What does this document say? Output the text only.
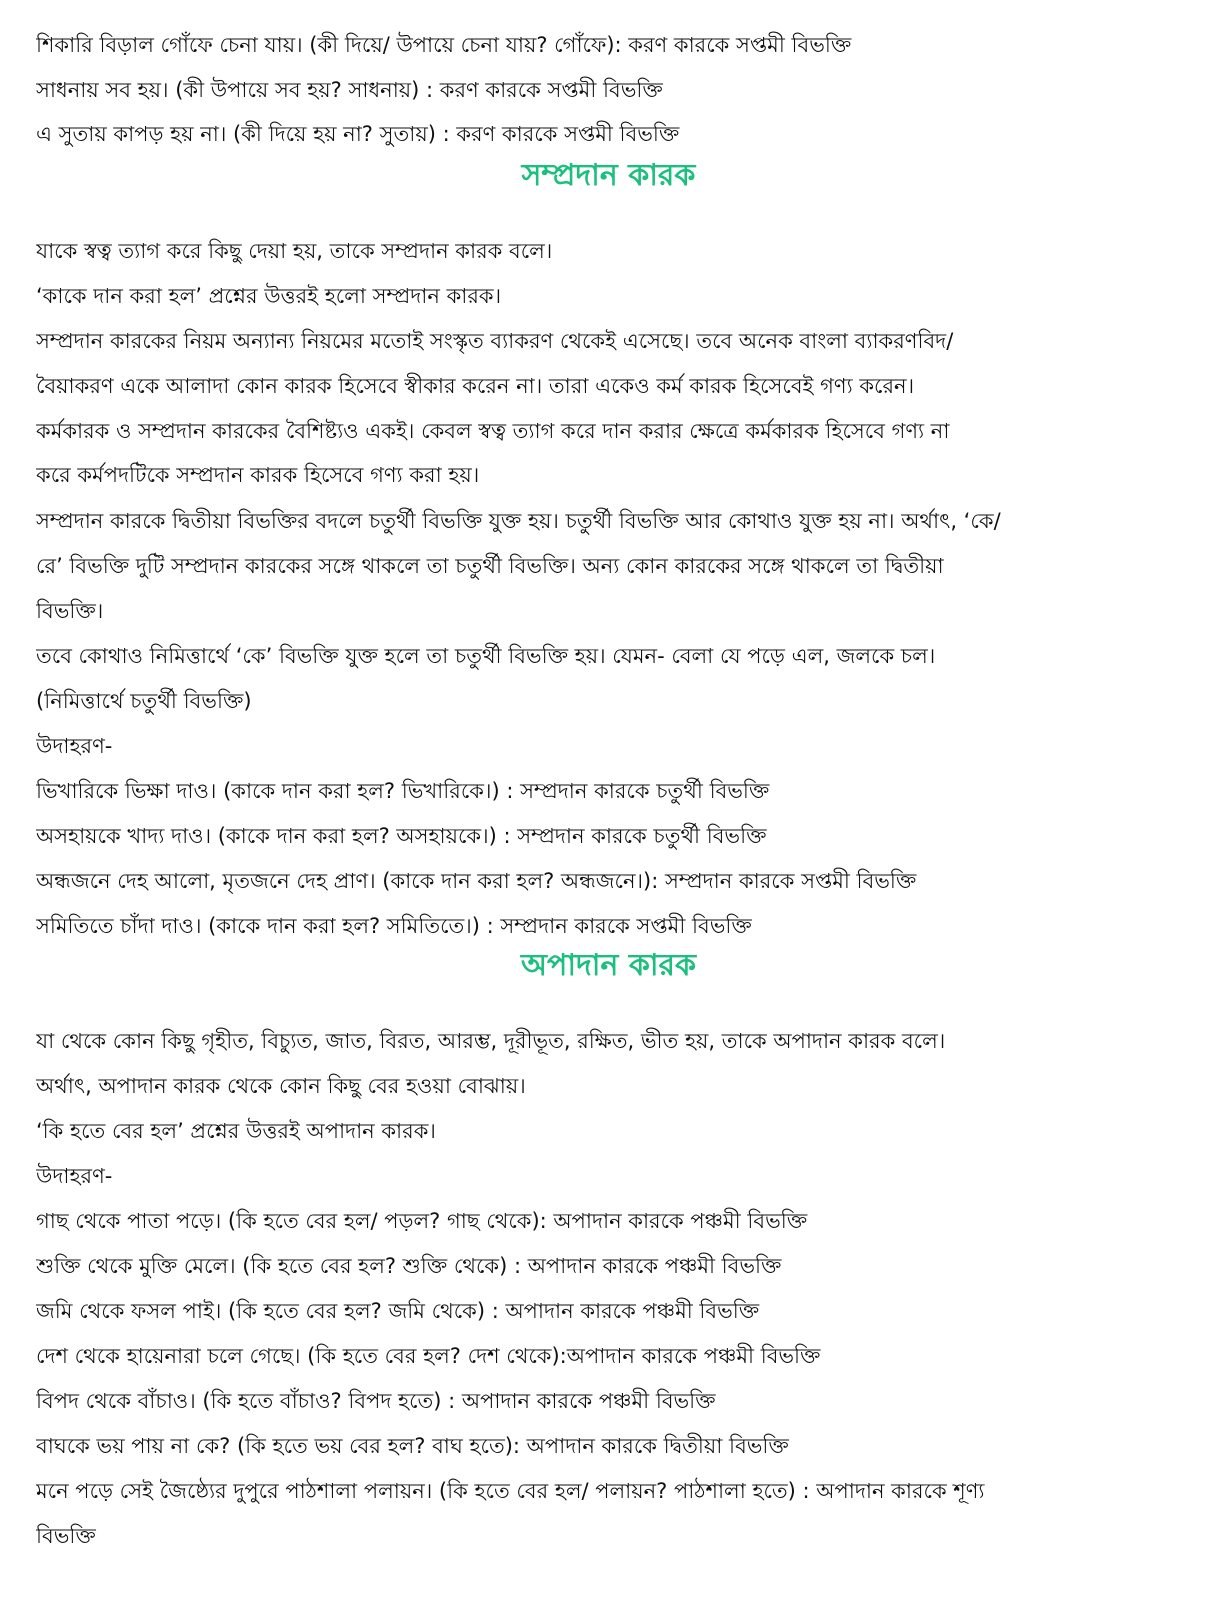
শিকারি বিড়াল গোঁফে চেনা যায়। (কী দিয়ে/ উপায়ে চেনা যায়? গোঁফে): করণ কারকে সপ্তমী বিভক্তি
সাধনায় সব হয়। (কী উপায়ে সব হয়? সাধনায়) : করণ কারকে সপ্তমী বিভক্তি
এ সুতায় কাপড় হয় না। (কী দিয়ে হয় না? সুতায়) : করণ কারকে সপ্তমী বিভক্তি
সম্প্রদান কারক
যাকে স্বত্ব ত্যাগ করে কিছু দেয়া হয়, তাকে সম্প্রদান কারক বলে।
‘কাকে দান করা হল’ প্রশ্নের উত্তরই হলো সম্প্রদান কারক।
সম্প্রদান কারকের নিয়ম অন্যান্য নিয়মের মতোই সংস্কৃত ব্যাকরণ থেকেই এসেছে। তবে অনেক বাংলা ব্যাকরণবিদ/
বৈয়াকরণ একে আলাদা কোন কারক হিসেবে স্বীকার করেন না। তারা একেও কর্ম কারক হিসেবেই গণ্য করেন।
কর্মকারক ও সম্প্রদান কারকের বৈশিষ্ট্যও একই। কেবল স্বত্ব ত্যাগ করে দান করার ক্ষেত্রে কর্মকারক হিসেবে গণ্য না
করে কর্মপদটিকে সম্প্রদান কারক হিসেবে গণ্য করা হয়।
সম্প্রদান কারকে দ্বিতীয়া বিভক্তির বদলে চতুর্থী বিভক্তি যুক্ত হয়। চতুর্থী বিভক্তি আর কোথাও যুক্ত হয় না। অর্থাৎ, ‘কে/
রে’ বিভক্তি দুটি সম্প্রদান কারকের সঙ্গে থাকলে তা চতুর্থী বিভক্তি। অন্য কোন কারকের সঙ্গে থাকলে তা দ্বিতীয়া
বিভক্তি।
তবে কোথাও নিমিত্তার্থে ‘কে’ বিভক্তি যুক্ত হলে তা চতুর্থী বিভক্তি হয়। যেমন- বেলা যে পড়ে এল, জলকে চল।
(নিমিত্তার্থে চতুর্থী বিভক্তি)
উদাহরণ-
ভিখারিকে ভিক্ষা দাও। (কাকে দান করা হল? ভিখারিকে।) : সম্প্রদান কারকে চতুর্থী বিভক্তি
অসহায়কে খাদ্য দাও। (কাকে দান করা হল? অসহায়কে।) : সম্প্রদান কারকে চতুর্থী বিভক্তি
অন্ধজনে দেহ আলো, মৃতজনে দেহ প্রাণ। (কাকে দান করা হল? অন্ধজনে।): সম্প্রদান কারকে সপ্তমী বিভক্তি
সমিতিতে চাঁদা দাও। (কাকে দান করা হল? সমিতিতে।) : সম্প্রদান কারকে সপ্তমী বিভক্তি
অপাদান কারক
যা থেকে কোন কিছু গৃহীত, বিচ্যুত, জাত, বিরত, আরম্ভ, দূরীভূত, রক্ষিত, ভীত হয়, তাকে অপাদান কারক বলে।
অর্থাৎ, অপাদান কারক থেকে কোন কিছু বের হওয়া বোঝায়।
‘কি হতে বের হল’ প্রশ্নের উত্তরই অপাদান কারক।
উদাহরণ-
গাছ থেকে পাতা পড়ে। (কি হতে বের হল/ পড়ল? গাছ থেকে): অপাদান কারকে পঞ্চমী বিভক্তি
শুক্তি থেকে মুক্তি মেলে। (কি হতে বের হল? শুক্তি থেকে) : অপাদান কারকে পঞ্চমী বিভক্তি
জমি থেকে ফসল পাই। (কি হতে বের হল? জমি থেকে) : অপাদান কারকে পঞ্চমী বিভক্তি
দেশ থেকে হায়েনারা চলে গেছে। (কি হতে বের হল? দেশ থেকে):অপাদান কারকে পঞ্চমী বিভক্তি
বিপদ থেকে বাঁচাও। (কি হতে বাঁচাও? বিপদ হতে) : অপাদান কারকে পঞ্চমী বিভক্তি
বাঘকে ভয় পায় না কে? (কি হতে ভয় বের হল? বাঘ হতে): অপাদান কারকে দ্বিতীয়া বিভক্তি
মনে পড়ে সেই জৈষ্ঠ্যের দুপুরে পাঠশালা পলায়ন। (কি হতে বের হল/ পলায়ন? পাঠশালা হতে) : অপাদান কারকে শূণ্য
বিভক্তি
